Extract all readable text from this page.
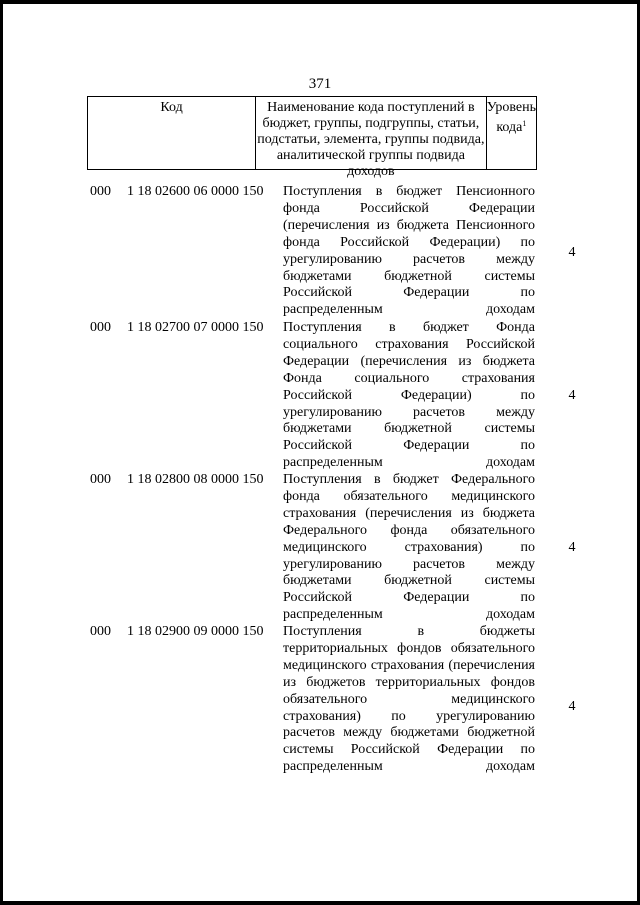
371
Код	Наименование кода поступлений в бюджет, группы, подгруппы, статьи, подстатьи, элемента, группы подвида, аналитической группы подвида доходов
Уровень
кода$^1$
000 1 18 02600 06 0000 150 Поступления в бюджет Пенсионного фонда Российской Федерации (перечисления из бюджета Пенсионного фонда Российской Федерации) по урегулированию расчетов между бюджетами бюджетной системы Российской Федерации по распределенным доходам
4
000 1 18 02700 07 0000 150 Поступления в бюджет Фонда социального страхования Российской Федерации (перечисления из бюджета Фонда социального страхования Российской Федерации) по урегулированию расчетов между бюджетами бюджетной системы Российской Федерации по распределенным доходам
4
000 1 18 02800 08 0000 150 Поступления в бюджет Федерального фонда обязательного медицинского страхования (перечисления из бюджета Федерального фонда обязательного медицинского страхования) по урегулированию расчетов между бюджетами бюджетной системы Российской Федерации по распределенным доходам
4
000 1 18 02900 09 0000 150 Поступления в бюджеты территориальных фондов обязательного медицинского страхования (перечисления из бюджетов территориальных фондов обязательного медицинского страхования) по урегулированию расчетов между бюджетами бюджетной системы Российской Федерации по распределенным доходам
4
